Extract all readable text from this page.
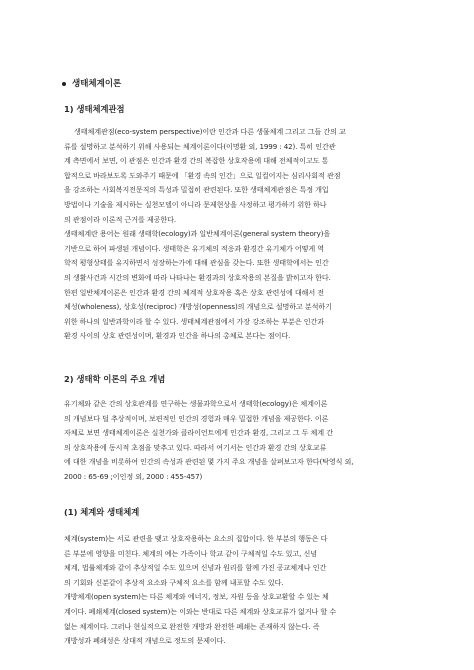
생태체계이론
1) 생태체계관점
생태체계관점(eco-system perspective)이란 인간과 다른 생물체계 그리고 그들 간의 교
류를 설명하고 분석하기 위해 사용되는 체계이론이다(이명환 외, 1999 : 42). 특히 인간관
계 측면에서 보면, 이 관점은 인간과 환경 간의 복잡한 상호작용에 대해 전체적이고도 통
합적으로 바라보도록 도와주기 때문에 「환경 속의 인간」으로 일컬어지는 심리사회적 관점
을 강조하는 사회복지전문직의 특성과 밀접히 관련된다. 또한 생태체계관점은 특정 개입
방법이나 기술을 제시하는 실천모델이 아니라 문제현상을 사정하고 평가하기 위한 하나
의 관점이라 이론적 근거를 제공한다.
생태체계란 용어는 원래 생태학(ecology)과 일반체계이론(general system theory)을
기반으로 하여 파생된 개념이다. 생태학은 유기체의 적응과 환경간 유기체가 어떻게 역
학적 평형상태를 유지하면서 성장하는가에 대해 관심을 갖는다. 또한 생태학에서는 인간
의 생활사건과 시간의 변화에 따라 나타나는 환경과의 상호작용의 본질을 밝히고자 한다.
한편 일반체계이론은 인간과 환경 간의 체계적 상호작용 혹은 상호 관련성에 대해서 전
체성(wholeness), 상호성(reciproc) 개방성(openness)의 개념으로 설명하고 분석하기
위한 하나의 일반과학이라 할 수 있다. 생태체계관점에서 가장 강조하는 부분은 인간과
환경 사이의 상호 관련성이며, 환경과 인간을 하나의 총체로 본다는 점이다.
2) 생태학 이론의 주요 개념
유기체와 같은 간의 상호관계를 연구하는 생물과학으로서 생태학(ecology)은 체계이론
의 개념보다 덜 추상적이며, 보편적인 인간의 경험과 매우 밀접한 개념을 제공한다. 이론
자체로 보면 생태체계이론은 실천가와 클라이언트에게 인간과 환경, 그리고 그 두 체계 간
의 상호작용에 동시적 초점을 맞추고 있다. 따라서 여기서는 인간과 환경 간의 상호교류
에 대한 개념을 비롯하여 인간의 속성과 관련된 몇 가지 주요 개념을 살펴보고자 한다(탁영식 외,
2000 : 65-69 ;이인정 외, 2000 : 455-457)
(1) 체계와 생태체계
체계(system)는 서로 관련을 맺고 상호작용하는 요소의 집합이다. 한 부분의 행동은 다
른 부분에 영향을 미친다. 체계의 예는 가족이나 학교 같이 구체적일 수도 있고, 신념
체계, 법률체계와 같이 추상적일 수도 있으며 신념과 원리를 함께 가진 공교체계나 인간
의 기회와 신분같이 추상적 요소와 구체적 요소를 함께 내포할 수도 있다.
개방체계(open system)는 다른 체계와 에너지, 정보, 자원 등을 상호교환할 수 있는 체
계이다. 폐쇄체계(closed system)는 이와는 반대로 다른 체계와 상호교류가 없거나 할 수
없는 체계이다. 그러나 현실적으로 완전한 개방과 완전한 폐쇄는 존재하지 않는다. 즉
개방성과 폐쇄성은 상대적 개념으로 정도의 문제이다.
